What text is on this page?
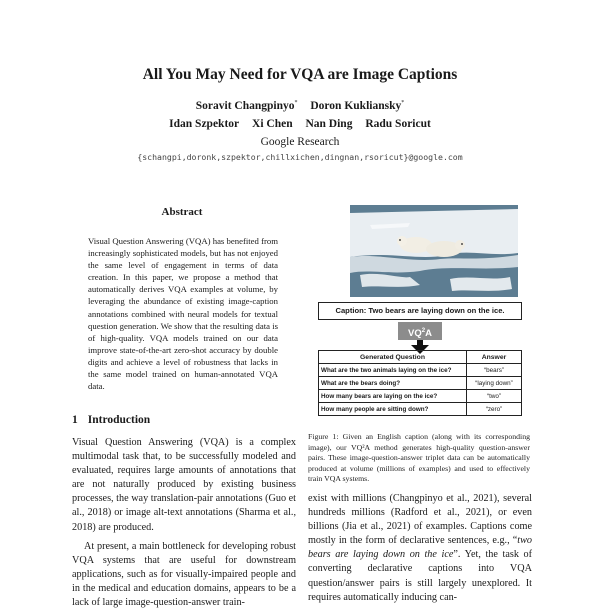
All You May Need for VQA are Image Captions
Soravit Changpinyo* Doron Kukliansky*
Idan Szpektor Xi Chen Nan Ding Radu Soricut
Google Research
{schangpi,doronk,szpektor,chillxichen,dingnan,rsoricut}@google.com
Abstract
Visual Question Answering (VQA) has benefited from increasingly sophisticated models, but has not enjoyed the same level of engagement in terms of data creation. In this paper, we propose a method that automatically derives VQA examples at volume, by leveraging the abundance of existing image-caption annotations combined with neural models for textual question generation. We show that the resulting data is of high-quality. VQA models trained on our data improve state-of-the-art zero-shot accuracy by double digits and achieve a level of robustness that lacks in the same model trained on human-annotated VQA data.
1 Introduction

Visual Question Answering (VQA) is a complex multimodal task that, to be successfully modeled and evaluated, requires large amounts of annotations that are not naturally produced by existing business processes, the way translation-pair annotations (Guo et al., 2018) or image alt-text annotations (Sharma et al., 2018) are produced.

At present, a main bottleneck for developing robust VQA systems that are useful for downstream applications, such as for visually-impaired people and in the medical and education domains, appears to be a lack of large image-question-answer train-

exist with millions (Changpinyo et al., 2021), several hundreds millions (Radford et al., 2021), or even billions (Jia et al., 2021) of examples. Captions come mostly in the form of declarative sentences, e.g., “two bears are laying down on the ice”. Yet, the task of converting declarative captions into VQA question/answer pairs is still largely unexplored. It requires automatically inducing can-
Caption: Two bears are laying down on the ice.
$VQ^2A$
Generated Question	Answer
What are the two animals laying on the ice?	“bears”
What are the bears doing?	“laying down”
How many bears are laying on the ice?	“two”
How many people are sitting down?	“zero”
Figure 1: Given an English caption (along with its corresponding image), our VQ²A method generates high-quality question-answer pairs. These image-question-answer triplet data can be automatically produced at volume (millions of examples) and used to effectively train VQA systems.
